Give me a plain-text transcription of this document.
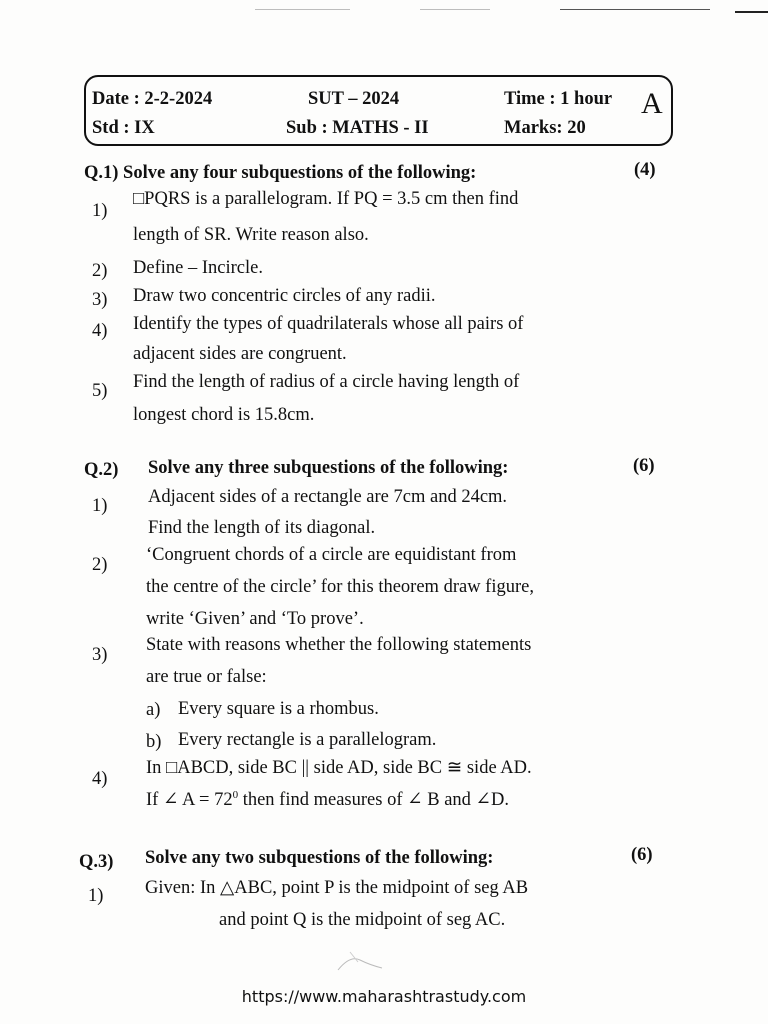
Date : 2-2-2024	SUT – 2024	Time : 1 hour
Std : IX	Sub : MATHS - II	Marks: 20
A
Q.1) Solve any four subquestions of the following:	(4)
1)
□PQRS is a parallelogram. If PQ = 3.5 cm then find
length of SR. Write reason also.
2) Define – Incircle.
3) Draw two concentric circles of any radii.
4) Identify the types of quadrilaterals whose all pairs of
adjacent sides are congruent.
5) Find the length of radius of a circle having length of
longest chord is 15.8cm.
Q.2) Solve any three subquestions of the following:	(6)
1) Adjacent sides of a rectangle are 7cm and 24cm.
Find the length of its diagonal.
2) ‘Congruent chords of a circle are equidistant from
the centre of the circle’ for this theorem draw figure,
write ‘Given’ and ‘To prove’.
3) State with reasons whether the following statements
are true or false:
a) Every square is a rhombus.
b) Every rectangle is a parallelogram.
4)
In □ABCD, side BC || side AD, side BC ≅ side AD.
If ∠ $A = 72^0$ then find measures of ∠ B and ∠D.
Q.3) Solve any two subquestions of the following:	(6)
1) Given: In △ABC, point P is the midpoint of seg AB
and point Q is the midpoint of seg AC.
https://www.maharashtrastudy.com
